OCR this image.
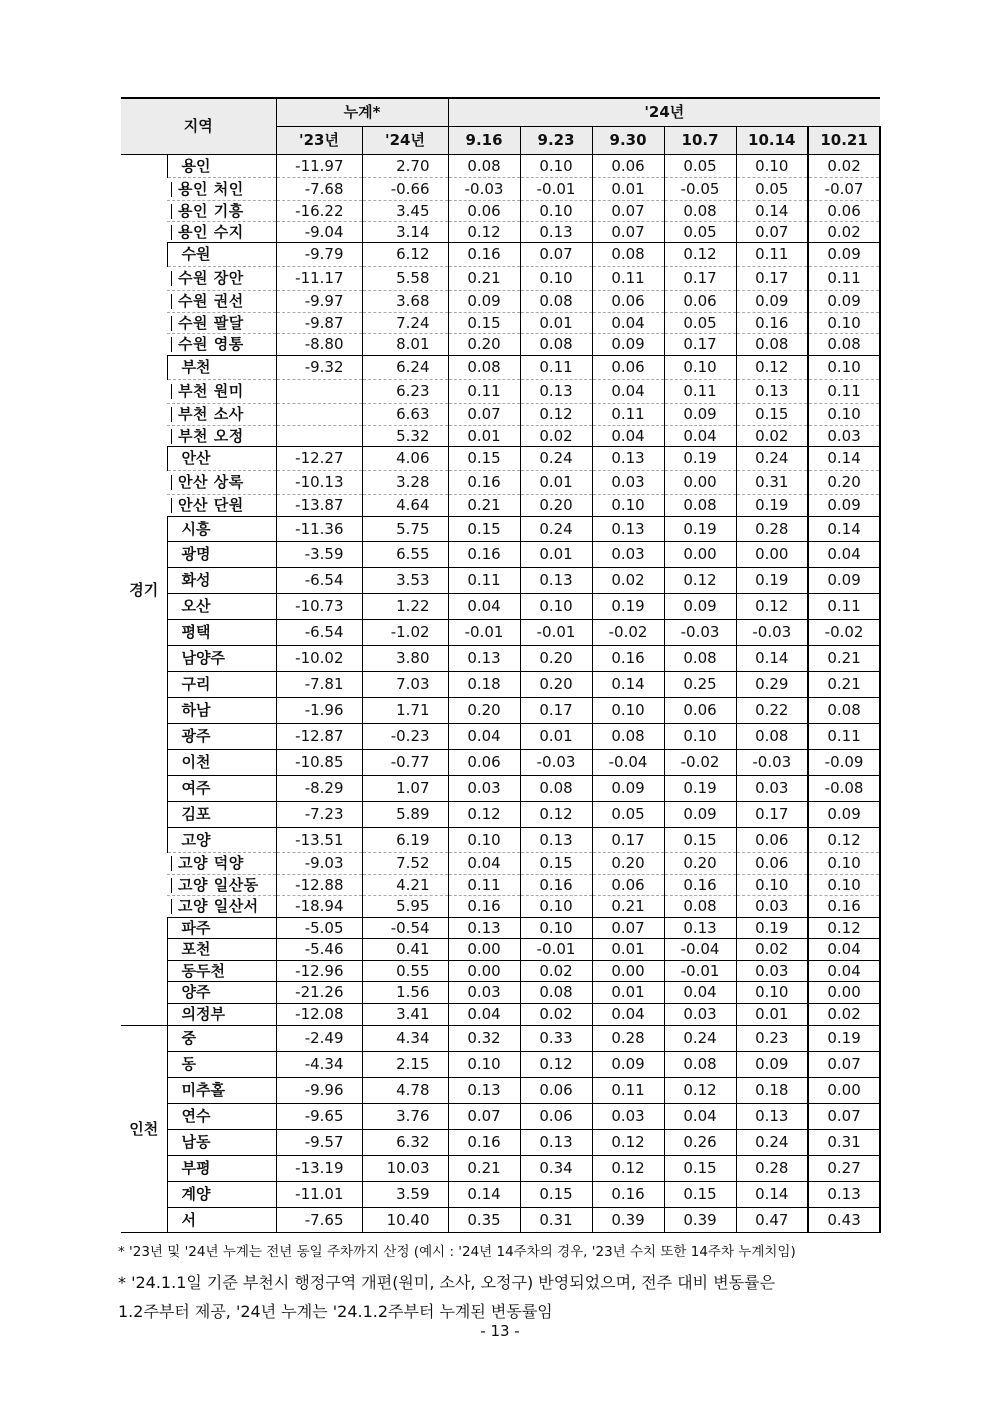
지역		누계*		'24년					
		'23년	'24년	9.16	9.23	9.30	10.7	10.14	10.21
경기	용인	-11.97	2.70	0.08	0.10	0.06	0.05	0.10	0.02
	용인 처인	-7.68	-0.66	-0.03	-0.01	0.01	-0.05	0.05	-0.07
	용인 기흥	-16.22	3.45	0.06	0.10	0.07	0.08	0.14	0.06
	용인 수지	-9.04	3.14	0.12	0.13	0.07	0.05	0.07	0.02
	수원	-9.79	6.12	0.16	0.07	0.08	0.12	0.11	0.09
	수원 장안	-11.17	5.58	0.21	0.10	0.11	0.17	0.17	0.11
	수원 권선	-9.97	3.68	0.09	0.08	0.06	0.06	0.09	0.09
	수원 팔달	-9.87	7.24	0.15	0.01	0.04	0.05	0.16	0.10
	수원 영통	-8.80	8.01	0.20	0.08	0.09	0.17	0.08	0.08
	부천	-9.32	6.24	0.08	0.11	0.06	0.10	0.12	0.10
	부천 원미		6.23	0.11	0.13	0.04	0.11	0.13	0.11
	부천 소사		6.63	0.07	0.12	0.11	0.09	0.15	0.10
	부천 오정		5.32	0.01	0.02	0.04	0.04	0.02	0.03
	안산	-12.27	4.06	0.15	0.24	0.13	0.19	0.24	0.14
	안산 상록	-10.13	3.28	0.16	0.01	0.03	0.00	0.31	0.20
	안산 단원	-13.87	4.64	0.21	0.20	0.10	0.08	0.19	0.09
	시흥	-11.36	5.75	0.15	0.24	0.13	0.19	0.28	0.14
	광명	-3.59	6.55	0.16	0.01	0.03	0.00	0.00	0.04
	화성	-6.54	3.53	0.11	0.13	0.02	0.12	0.19	0.09
	오산	-10.73	1.22	0.04	0.10	0.19	0.09	0.12	0.11
	평택	-6.54	-1.02	-0.01	-0.01	-0.02	-0.03	-0.03	-0.02
	남양주	-10.02	3.80	0.13	0.20	0.16	0.08	0.14	0.21
	구리	-7.81	7.03	0.18	0.20	0.14	0.25	0.29	0.21
	하남	-1.96	1.71	0.20	0.17	0.10	0.06	0.22	0.08
	광주	-12.87	-0.23	0.04	0.01	0.08	0.10	0.08	0.11
	이천	-10.85	-0.77	0.06	-0.03	-0.04	-0.02	-0.03	-0.09
	여주	-8.29	1.07	0.03	0.08	0.09	0.19	0.03	-0.08
	김포	-7.23	5.89	0.12	0.12	0.05	0.09	0.17	0.09
	고양	-13.51	6.19	0.10	0.13	0.17	0.15	0.06	0.12
	고양 덕양	-9.03	7.52	0.04	0.15	0.20	0.20	0.06	0.10
	고양 일산동	-12.88	4.21	0.11	0.16	0.06	0.16	0.10	0.10
	고양 일산서	-18.94	5.95	0.16	0.10	0.21	0.08	0.03	0.16
	파주	-5.05	-0.54	0.13	0.10	0.07	0.13	0.19	0.12
	포천	-5.46	0.41	0.00	-0.01	0.01	-0.04	0.02	0.04
	동두천	-12.96	0.55	0.00	0.02	0.00	-0.01	0.03	0.04
	양주	-21.26	1.56	0.03	0.08	0.01	0.04	0.10	0.00
	의정부	-12.08	3.41	0.04	0.02	0.04	0.03	0.01	0.02
인천	중	-2.49	4.34	0.32	0.33	0.28	0.24	0.23	0.19
	동	-4.34	2.15	0.10	0.12	0.09	0.08	0.09	0.07
	미추홀	-9.96	4.78	0.13	0.06	0.11	0.12	0.18	0.00
	연수	-9.65	3.76	0.07	0.06	0.03	0.04	0.13	0.07
	남동	-9.57	6.32	0.16	0.13	0.12	0.26	0.24	0.31
	부평	-13.19	10.03	0.21	0.34	0.12	0.15	0.28	0.27
	계양	-11.01	3.59	0.14	0.15	0.16	0.15	0.14	0.13
	서	-7.65	10.40	0.35	0.31	0.39	0.39	0.47	0.43
* '23년 및 '24년 누계는 전년 동일 주차까지 산정 (예시 : '24년 14주차의 경우, '23년 수치 또한 14주차 누계치임)
* '24.1.1일 기준 부천시 행정구역 개편(원미, 소사, 오정구) 반영되었으며, 전주 대비 변동률은
1.2주부터 제공, '24년 누계는 '24.1.2주부터 누계된 변동률임
- 13 -
